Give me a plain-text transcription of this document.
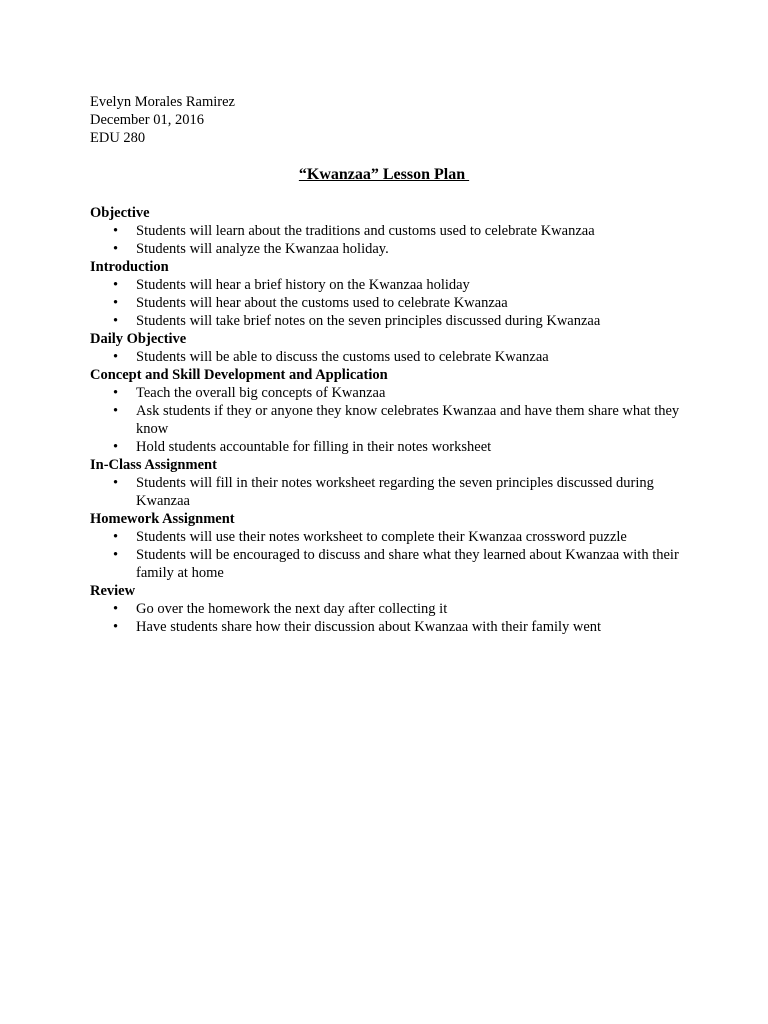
Evelyn Morales Ramirez
December 01, 2016
EDU 280
“Kwanzaa” Lesson Plan
Objective
• Students will learn about the traditions and customs used to celebrate Kwanzaa
• Students will analyze the Kwanzaa holiday.
Introduction
• Students will hear a brief history on the Kwanzaa holiday
• Students will hear about the customs used to celebrate Kwanzaa
• Students will take brief notes on the seven principles discussed during Kwanzaa
Daily Objective
• Students will be able to discuss the customs used to celebrate Kwanzaa
Concept and Skill Development and Application
• Teach the overall big concepts of Kwanzaa
• Ask students if they or anyone they know celebrates Kwanzaa and have them share what they know
• Hold students accountable for filling in their notes worksheet
In-Class Assignment
• Students will fill in their notes worksheet regarding the seven principles discussed during Kwanzaa
Homework Assignment
• Students will use their notes worksheet to complete their Kwanzaa crossword puzzle
• Students will be encouraged to discuss and share what they learned about Kwanzaa with their family at home
Review
• Go over the homework the next day after collecting it
• Have students share how their discussion about Kwanzaa with their family went
